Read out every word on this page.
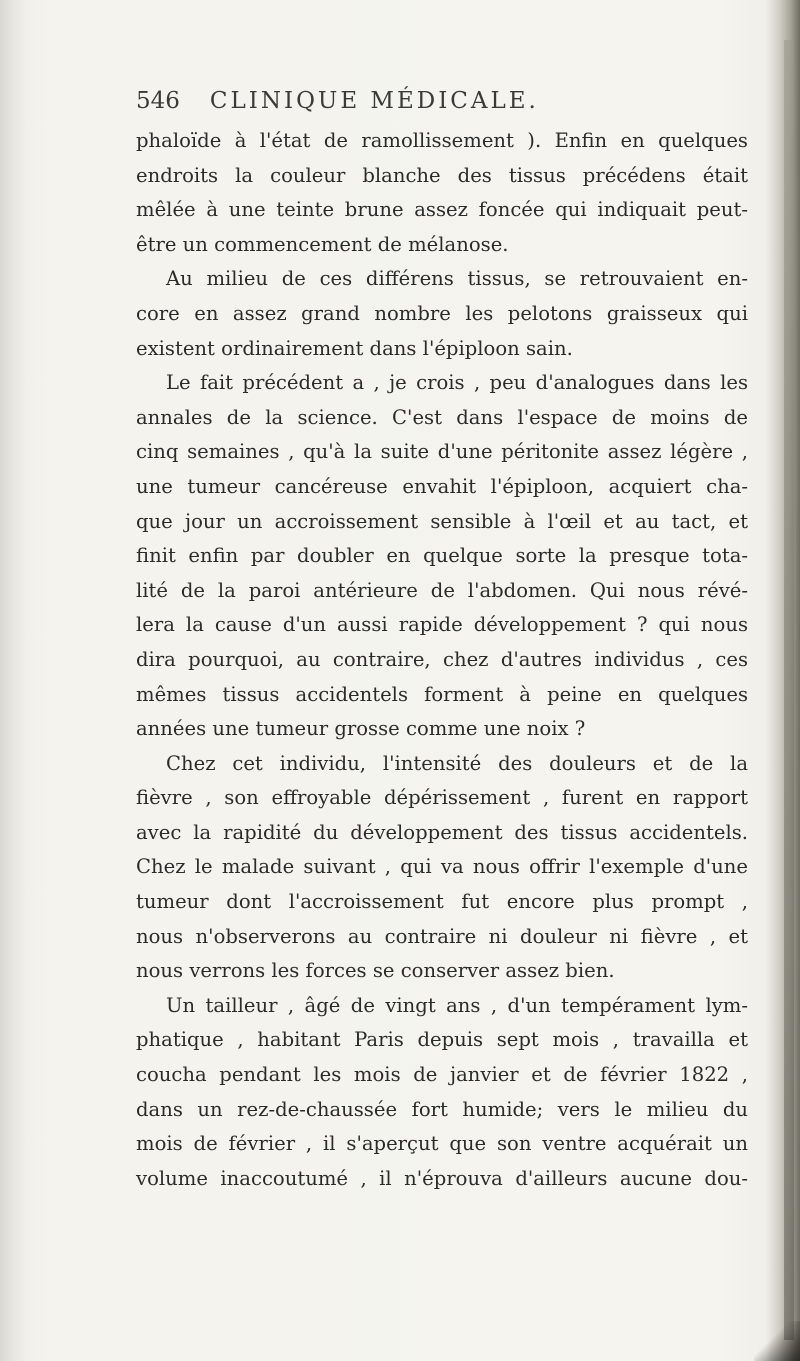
546 CLINIQUE MÉDICALE.
phaloïde à l'état de ramollissement ). Enfin en quelques
endroits la couleur blanche des tissus précédens était
mêlée à une teinte brune assez foncée qui indiquait peut-
être un commencement de mélanose.
Au milieu de ces différens tissus, se retrouvaient en-
core en assez grand nombre les pelotons graisseux qui
existent ordinairement dans l'épiploon sain.
Le fait précédent a , je crois , peu d'analogues dans les
annales de la science. C'est dans l'espace de moins de
cinq semaines , qu'à la suite d'une péritonite assez légère ,
une tumeur cancéreuse envahit l'épiploon, acquiert cha-
que jour un accroissement sensible à l'œil et au tact, et
finit enfin par doubler en quelque sorte la presque tota-
lité de la paroi antérieure de l'abdomen. Qui nous révé-
lera la cause d'un aussi rapide développement ? qui nous
dira pourquoi, au contraire, chez d'autres individus , ces
mêmes tissus accidentels forment à peine en quelques
années une tumeur grosse comme une noix ?
Chez cet individu, l'intensité des douleurs et de la
fièvre , son effroyable dépérissement , furent en rapport
avec la rapidité du développement des tissus accidentels.
Chez le malade suivant , qui va nous offrir l'exemple d'une
tumeur dont l'accroissement fut encore plus prompt ,
nous n'observerons au contraire ni douleur ni fièvre , et
nous verrons les forces se conserver assez bien.
Un tailleur , âgé de vingt ans , d'un tempérament lym-
phatique , habitant Paris depuis sept mois , travailla et
coucha pendant les mois de janvier et de février 1822 ,
dans un rez-de-chaussée fort humide; vers le milieu du
mois de février , il s'aperçut que son ventre acquérait un
volume inaccoutumé , il n'éprouva d'ailleurs aucune dou-
